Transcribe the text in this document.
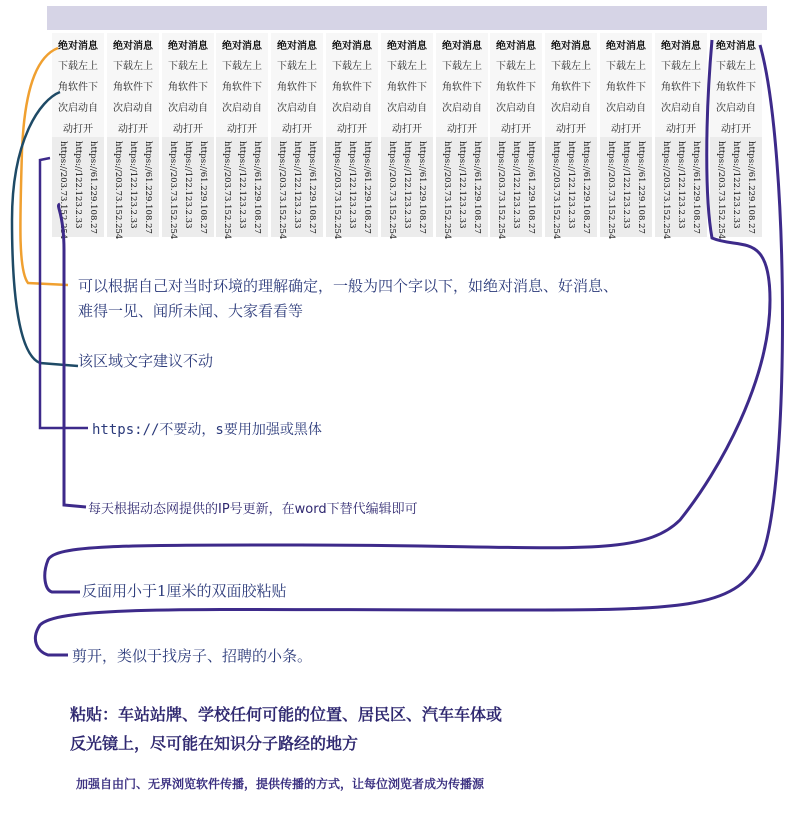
绝对消息
下载左上
角软件下
次启动自
动打开
https://203.73.152.254 https://122.123.2.33 https://61.229.108.27
绝对消息
下载左上
角软件下
次启动自
动打开
https://203.73.152.254 https://122.123.2.33 https://61.229.108.27
绝对消息
下载左上
角软件下
次启动自
动打开
https://203.73.152.254 https://122.123.2.33 https://61.229.108.27
绝对消息
下载左上
角软件下
次启动自
动打开
https://203.73.152.254 https://122.123.2.33 https://61.229.108.27
绝对消息
下载左上
角软件下
次启动自
动打开
https://203.73.152.254 https://122.123.2.33 https://61.229.108.27
绝对消息
下载左上
角软件下
次启动自
动打开
https://203.73.152.254 https://122.123.2.33 https://61.229.108.27
绝对消息
下载左上
角软件下
次启动自
动打开
https://203.73.152.254 https://122.123.2.33 https://61.229.108.27
绝对消息
下载左上
角软件下
次启动自
动打开
https://203.73.152.254 https://122.123.2.33 https://61.229.108.27
绝对消息
下载左上
角软件下
次启动自
动打开
https://203.73.152.254 https://122.123.2.33 https://61.229.108.27
绝对消息
下载左上
角软件下
次启动自
动打开
https://203.73.152.254 https://122.123.2.33 https://61.229.108.27
绝对消息
下载左上
角软件下
次启动自
动打开
https://203.73.152.254 https://122.123.2.33 https://61.229.108.27
绝对消息
下载左上
角软件下
次启动自
动打开
https://203.73.152.254 https://122.123.2.33 https://61.229.108.27
绝对消息
下载左上
角软件下
次启动自
动打开
https://203.73.152.254 https://122.123.2.33 https://61.229.108.27
可以根据自己对当时环境的理解确定，一般为四个字以下，如绝对消息、好消息、
难得一见、闻所未闻、大家看看等
该区域文字建议不动
https://不要动，s要用加强或黑体
每天根据动态网提供的IP号更新，在word下替代编辑即可
反面用小于1厘米的双面胶粘贴
剪开，类似于找房子、招聘的小条。
粘贴：车站站牌、学校任何可能的位置、居民区、汽车车体或
反光镜上，尽可能在知识分子路经的地方
加强自由门、无界浏览软件传播，提供传播的方式，让每位浏览者成为传播源
